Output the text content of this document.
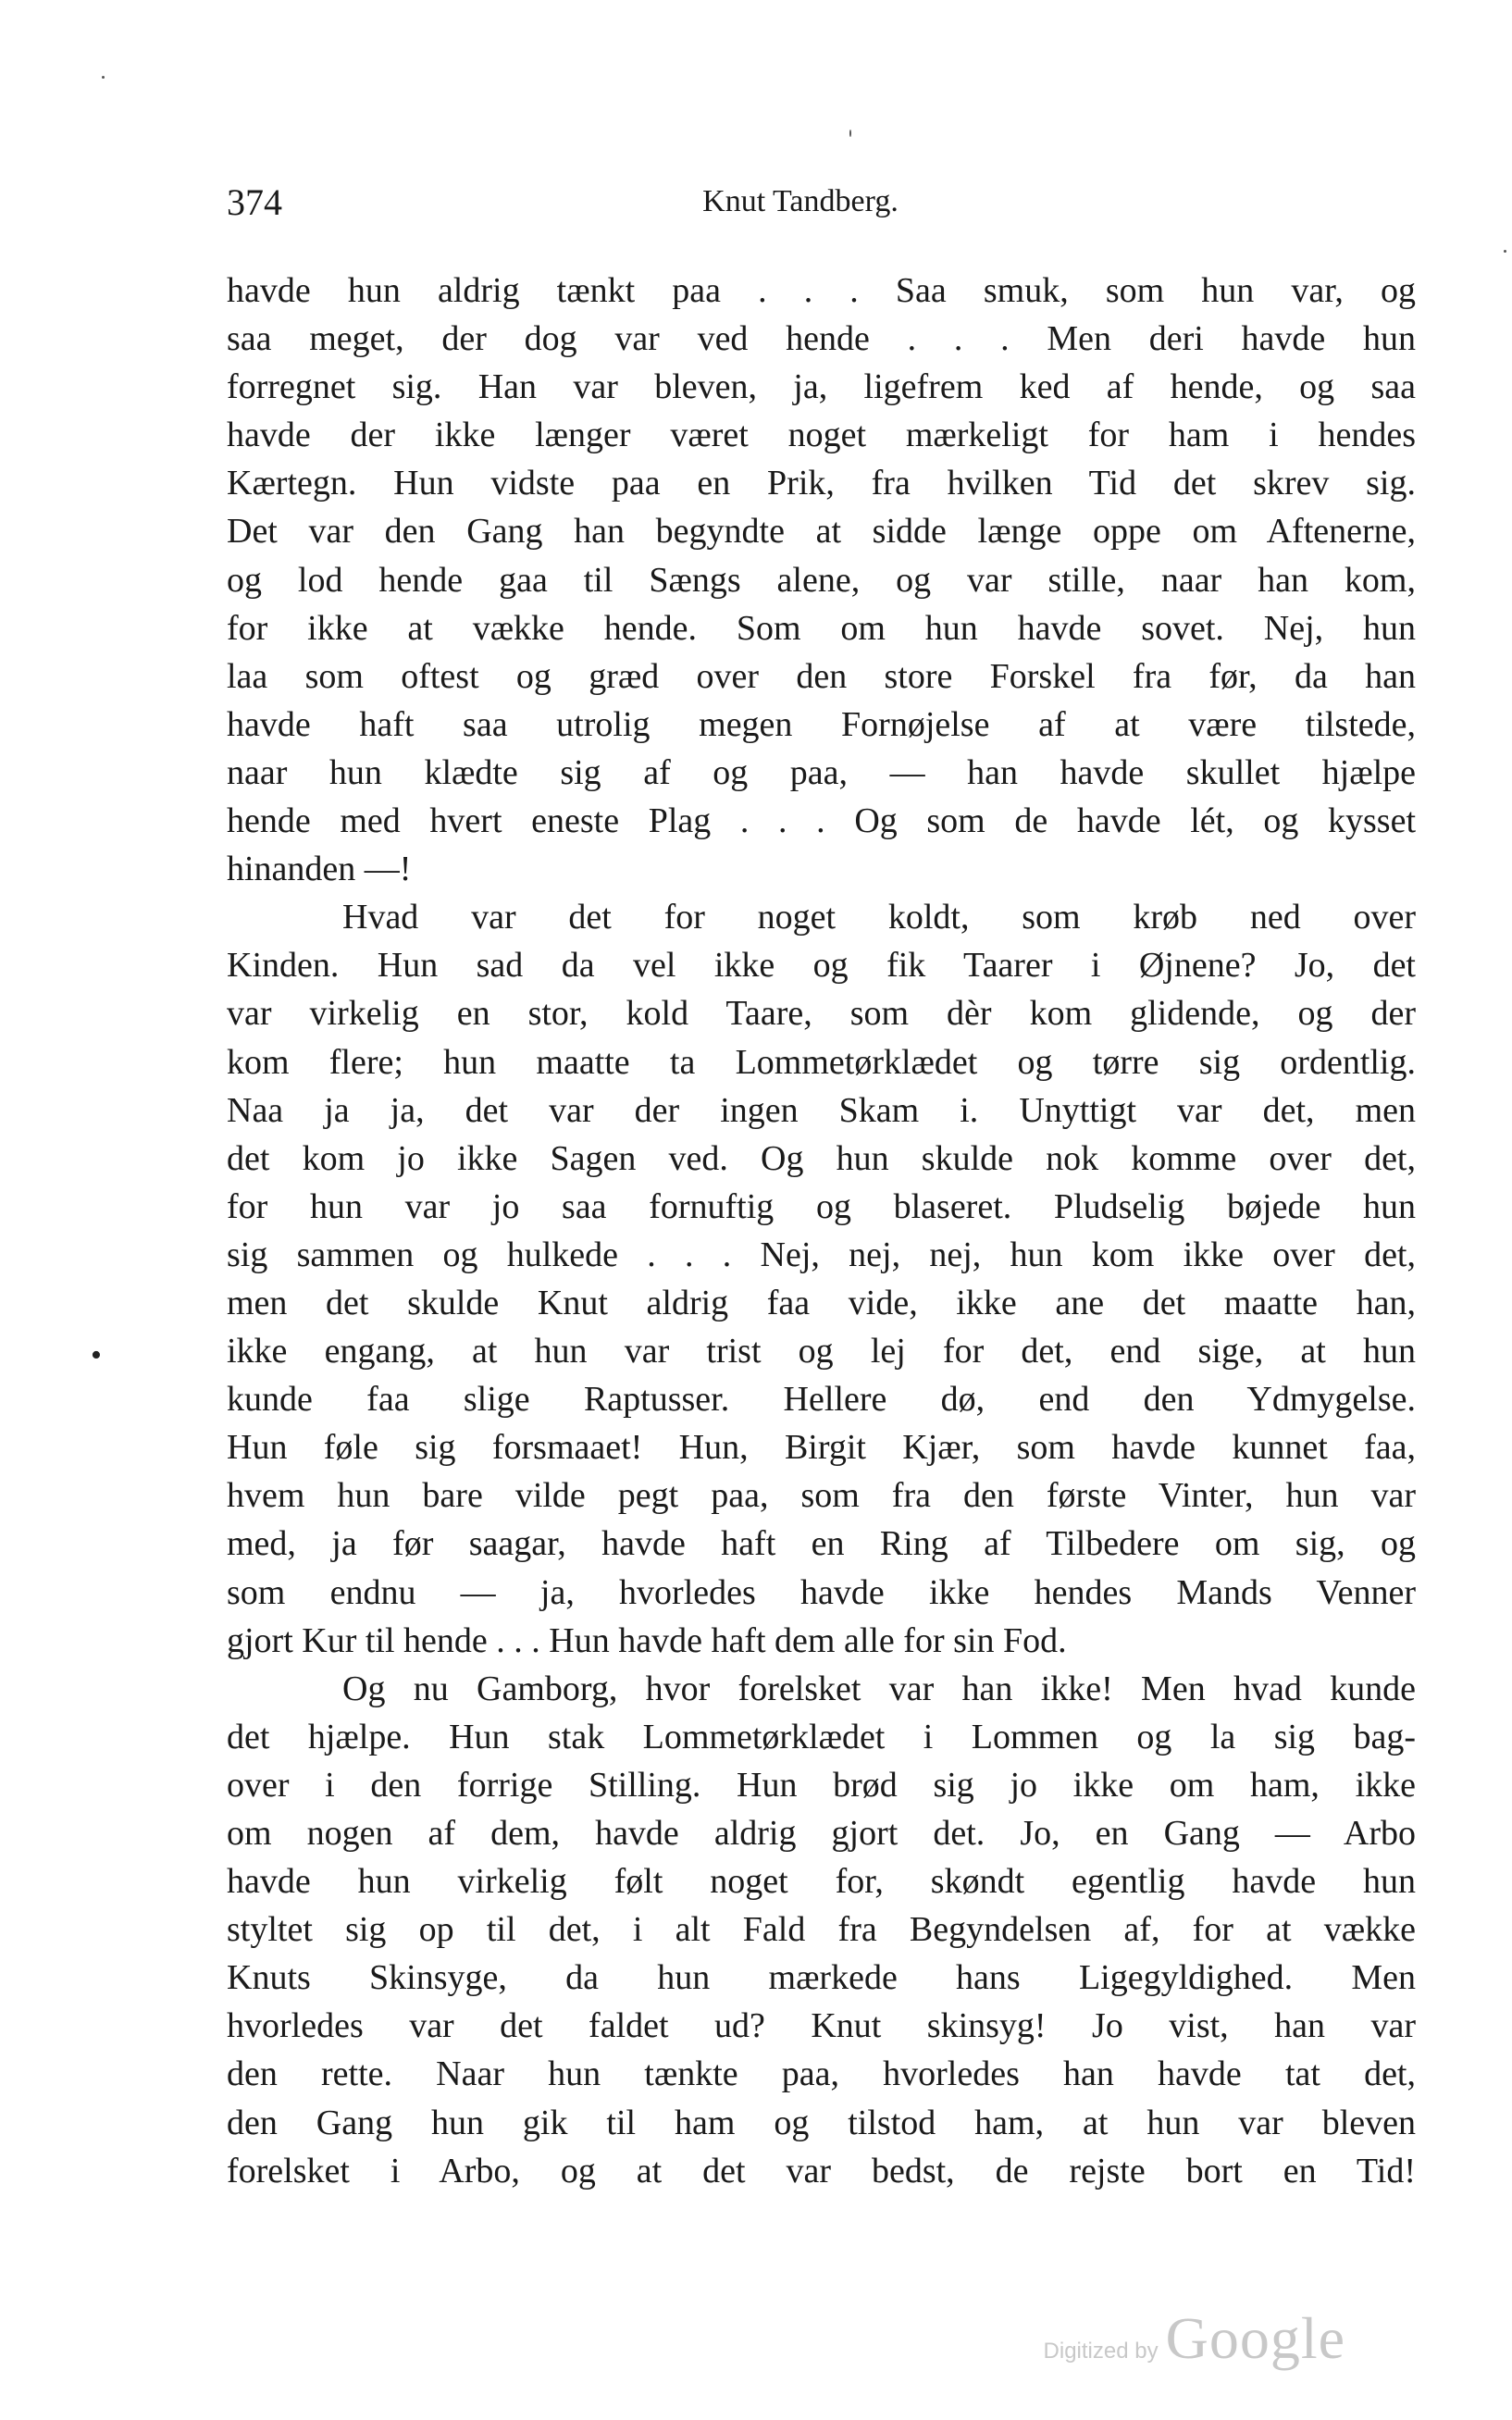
374	Knut Tandberg.
•
havde hun aldrig tænkt paa . . . Saa smuk, som hun var, og
saa meget, der dog var ved hende . . . Men deri havde hun
forregnet sig. Han var bleven, ja, ligefrem ked af hende, og saa
havde der ikke længer været noget mærkeligt for ham i hendes
Kærtegn. Hun vidste paa en Prik, fra hvilken Tid det skrev sig.
Det var den Gang han begyndte at sidde længe oppe om Aftenerne,
og lod hende gaa til Sængs alene, og var stille, naar han kom,
for ikke at vække hende. Som om hun havde sovet. Nej, hun
laa som oftest og græd over den store Forskel fra før, da han
havde haft saa utrolig megen Fornøjelse af at være tilstede,
naar hun klædte sig af og paa, — han havde skullet hjælpe
hende med hvert eneste Plag . . . Og som de havde lét, og kysset
hinanden —!
Hvad var det for noget koldt, som krøb ned over
Kinden. Hun sad da vel ikke og fik Taarer i Øjnene? Jo, det
var virkelig en stor, kold Taare, som dèr kom glidende, og der
kom flere; hun maatte ta Lommetørklædet og tørre sig ordentlig.
Naa ja ja, det var der ingen Skam i. Unyttigt var det, men
det kom jo ikke Sagen ved. Og hun skulde nok komme over det,
for hun var jo saa fornuftig og blaseret. Pludselig bøjede hun
sig sammen og hulkede . . . Nej, nej, nej, hun kom ikke over det,
men det skulde Knut aldrig faa vide, ikke ane det maatte han,
ikke engang, at hun var trist og lej for det, end sige, at hun
kunde faa slige Raptusser. Hellere dø, end den Ydmygelse.
Hun føle sig forsmaaet! Hun, Birgit Kjær, som havde kunnet faa,
hvem hun bare vilde pegt paa, som fra den første Vinter, hun var
med, ja før saagar, havde haft en Ring af Tilbedere om sig, og
som endnu — ja, hvorledes havde ikke hendes Mands Venner
gjort Kur til hende . . . Hun havde haft dem alle for sin Fod.
Og nu Gamborg, hvor forelsket var han ikke! Men hvad kunde
det hjælpe. Hun stak Lommetørklædet i Lommen og la sig bag-
over i den forrige Stilling. Hun brød sig jo ikke om ham, ikke
om nogen af dem, havde aldrig gjort det. Jo, en Gang — Arbo
havde hun virkelig følt noget for, skøndt egentlig havde hun
styltet sig op til det, i alt Fald fra Begyndelsen af, for at vække
Knuts Skinsyge, da hun mærkede hans Ligegyldighed. Men
hvorledes var det faldet ud? Knut skinsyg! Jo vist, han var
den rette. Naar hun tænkte paa, hvorledes han havde tat det,
den Gang hun gik til ham og tilstod ham, at hun var bleven
forelsket i Arbo, og at det var bedst, de rejste bort en Tid!
Digitized by Google
